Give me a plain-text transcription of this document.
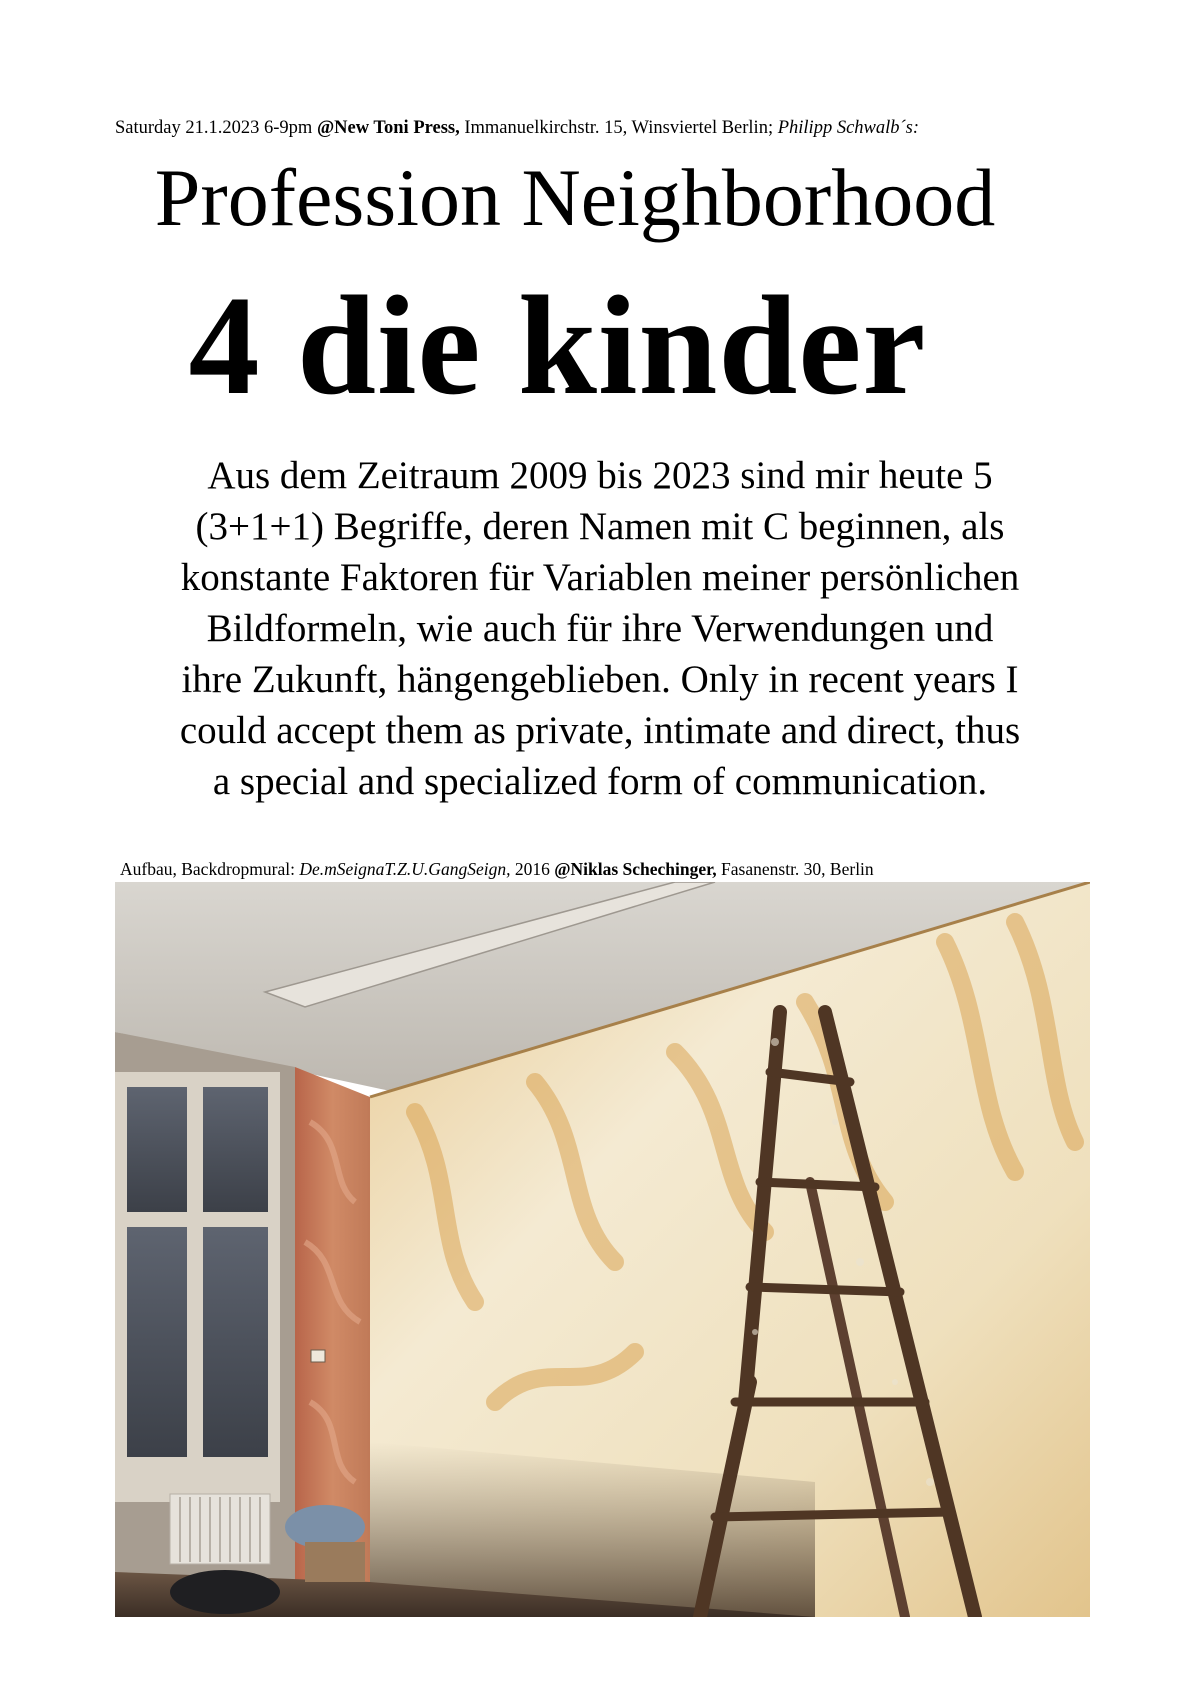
Saturday 21.1.2023 6-9pm @New Toni Press, Immanuelkirchstr. 15, Winsviertel Berlin; Philipp Schwalb´s:
Profession Neighborhood
4 die kinder

Aus dem Zeitraum 2009 bis 2023 sind mir heute 5
(3+1+1) Begriffe, deren Namen mit C beginnen, als
konstante Faktoren für Variablen meiner persönlichen
Bildformeln, wie auch für ihre Verwendungen und
ihre Zukunft, hängengeblieben. Only in recent years I
could accept them as private, intimate and direct, thus
a special and specialized form of communication.

Aufbau, Backdropmural: De.mSeignaT.Z.U.GangSeign, 2016 @Niklas Schechinger, Fasanenstr. 30, Berlin
